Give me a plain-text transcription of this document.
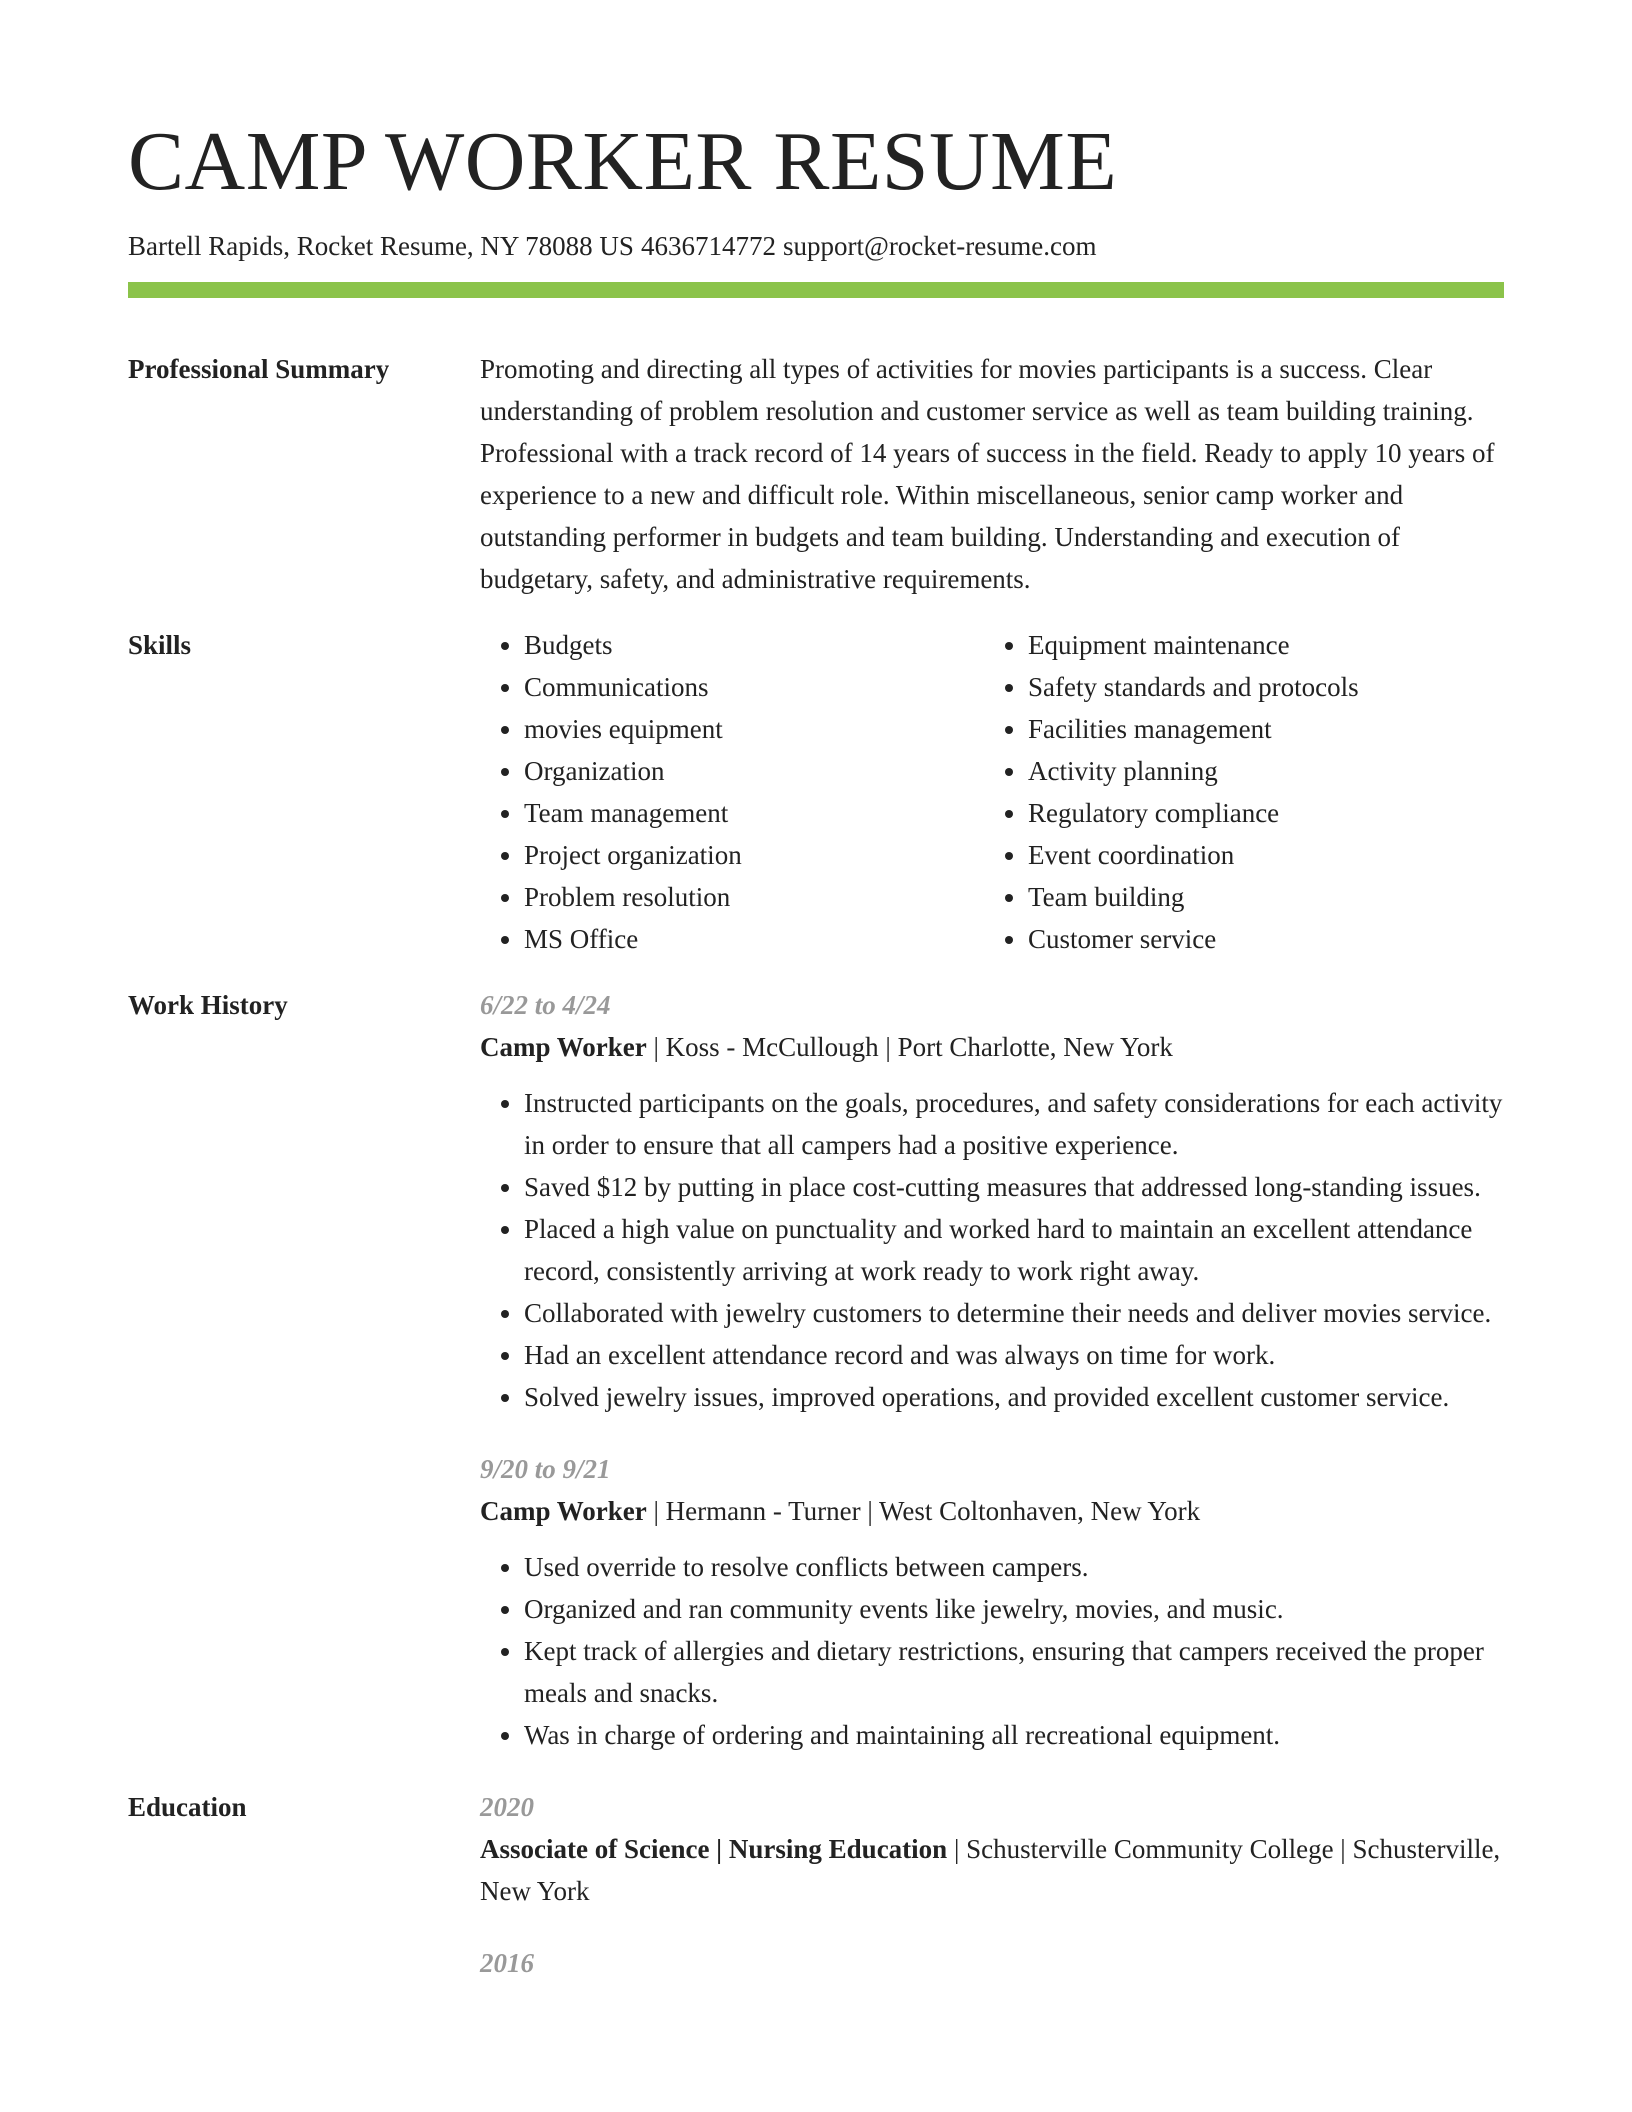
CAMP WORKER RESUME
Bartell Rapids, Rocket Resume, NY 78088 US 4636714772 support@rocket-resume.com
Professional Summary	Promoting and directing all types of activities for movies participants is a success. Clear understanding of problem resolution and customer service as well as team building training. Professional with a track record of 14 years of success in the field. Ready to apply 10 years of experience to a new and difficult role. Within miscellaneous, senior camp worker and outstanding performer in budgets and team building. Understanding and execution of budgetary, safety, and administrative requirements.

Skills
•	Budgets
• Communications
• movies equipment
• Organization
• Team management
• Project organization
• Problem resolution
• MS Office
• Equipment maintenance
• Safety standards and protocols
• Facilities management
• Activity planning
• Regulatory compliance
• Event coordination
• Team building
• Customer service
Work History	6/22 to 4/24
Camp Worker | Koss - McCullough | Port Charlotte, New York
• Instructed participants on the goals, procedures, and safety considerations for each activity in order to ensure that all campers had a positive experience.
• Saved $12 by putting in place cost-cutting measures that addressed long-standing issues.
• Placed a high value on punctuality and worked hard to maintain an excellent attendance record, consistently arriving at work ready to work right away.
• Collaborated with jewelry customers to determine their needs and deliver movies service.
• Had an excellent attendance record and was always on time for work.
• Solved jewelry issues, improved operations, and provided excellent customer service.
9/20 to 9/21
Camp Worker | Hermann - Turner | West Coltonhaven, New York
• Used override to resolve conflicts between campers.
• Organized and ran community events like jewelry, movies, and music.
• Kept track of allergies and dietary restrictions, ensuring that campers received the proper meals and snacks.
• Was in charge of ordering and maintaining all recreational equipment.
Education	2020
Associate of Science | Nursing Education | Schusterville Community College | Schusterville, New York
2016
